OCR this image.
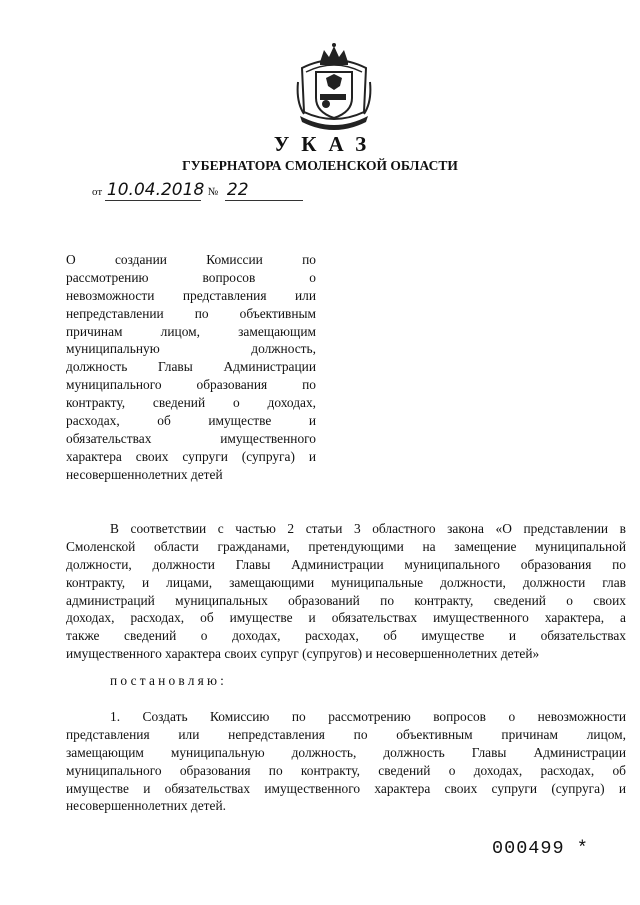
УКАЗ
ГУБЕРНАТОРА СМОЛЕНСКОЙ ОБЛАСТИ
от 10.04.2018 № 22
О создании Комиссии по
рассмотрению вопросов о
невозможности представления или
непредставлении по объективным
причинам лицом, замещающим
муниципальную должность,
должность Главы Администрации
муниципального образования по
контракту, сведений о доходах,
расходах, об имуществе и
обязательствах имущественного
характера своих супруги (супруга) и
несовершеннолетних детей
В соответствии с частью 2 статьи 3 областного закона «О представлении в
Смоленской области гражданами, претендующими на замещение муниципальной
должности, должности Главы Администрации муниципального образования по
контракту, и лицами, замещающими муниципальные должности, должности глав
администраций муниципальных образований по контракту, сведений о своих
доходах, расходах, об имуществе и обязательствах имущественного характера, а
также сведений о доходах, расходах, об имуществе и обязательствах
имущественного характера своих супруг (супругов) и несовершеннолетних детей»
постановляю:
1. Создать Комиссию по рассмотрению вопросов о невозможности
представления или непредставления по объективным причинам лицом,
замещающим муниципальную должность, должность Главы Администрации
муниципального образования по контракту, сведений о доходах, расходах, об
имуществе и обязательствах имущественного характера своих супруги (супруга) и
несовершеннолетних детей.
000499 *
